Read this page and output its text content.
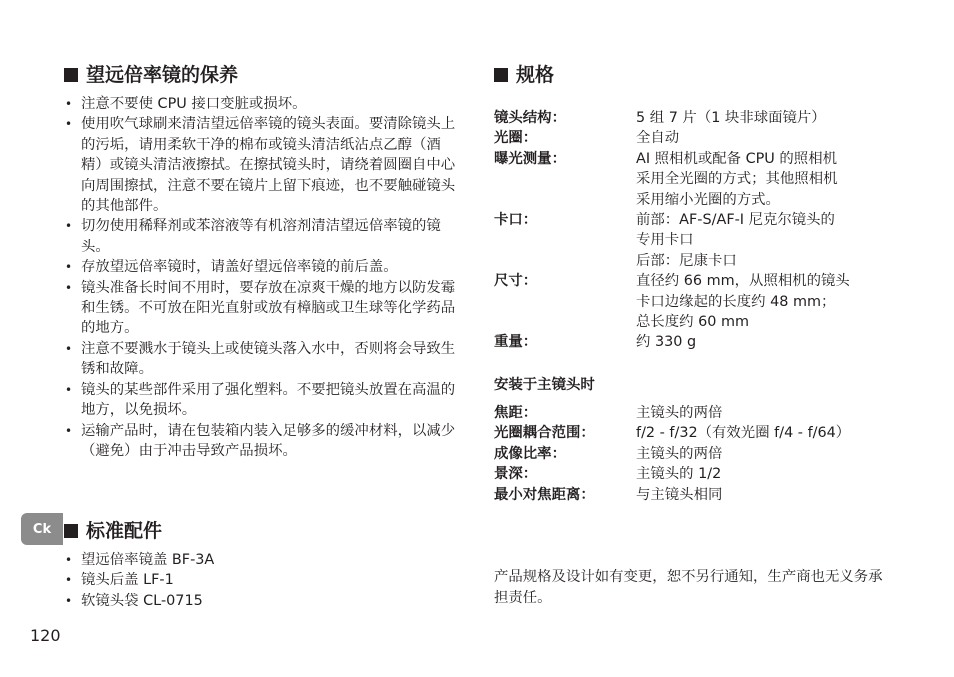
望远倍率镜的保养
• 注意不要使 CPU 接口变脏或损坏。
• 使用吹气球刷来清洁望远倍率镜的镜头表面。要清除镜头上的污垢，请用柔软干净的棉布或镜头清洁纸沾点乙醇（酒精）或镜头清洁液擦拭。在擦拭镜头时，请绕着圆圈自中心向周围擦拭，注意不要在镜片上留下痕迹，也不要触碰镜头的其他部件。
• 切勿使用稀释剂或苯溶液等有机溶剂清洁望远倍率镜的镜头。
• 存放望远倍率镜时，请盖好望远倍率镜的前后盖。
• 镜头准备长时间不用时，要存放在凉爽干燥的地方以防发霉和生锈。不可放在阳光直射或放有樟脑或卫生球等化学药品的地方。
• 注意不要溅水于镜头上或使镜头落入水中，否则将会导致生锈和故障。
• 镜头的某些部件采用了强化塑料。不要把镜头放置在高温的地方，以免损坏。
• 运输产品时，请在包装箱内装入足够多的缓冲材料，以减少（避免）由于冲击导致产品损坏。
标准配件
• 望远倍率镜盖 BF-3A
• 镜头后盖 LF-1
• 软镜头袋 CL-0715
规格
镜头结构：	5 组 7 片（1 块非球面镜片）
光圈：	全自动
曝光测量：	AI 照相机或配备 CPU 的照相机
采用全光圈的方式；其他照相机
采用缩小光圈的方式。
卡口：	前部：AF-S/AF-I 尼克尔镜头的
专用卡口
后部：尼康卡口
尺寸：	直径约 66 mm，从照相机的镜头
卡口边缘起的长度约 48 mm；
总长度约 60 mm
重量：	约 330 g
安装于主镜头时
焦距：	主镜头的两倍
光圈耦合范围：	f/2 - f/32（有效光圈 f/4 - f/64）
成像比率：	主镜头的两倍
景深：	主镜头的 1/2
最小对焦距离：	与主镜头相同
产品规格及设计如有变更，恕不另行通知，生产商也无义务承担责任。
Ck
120
